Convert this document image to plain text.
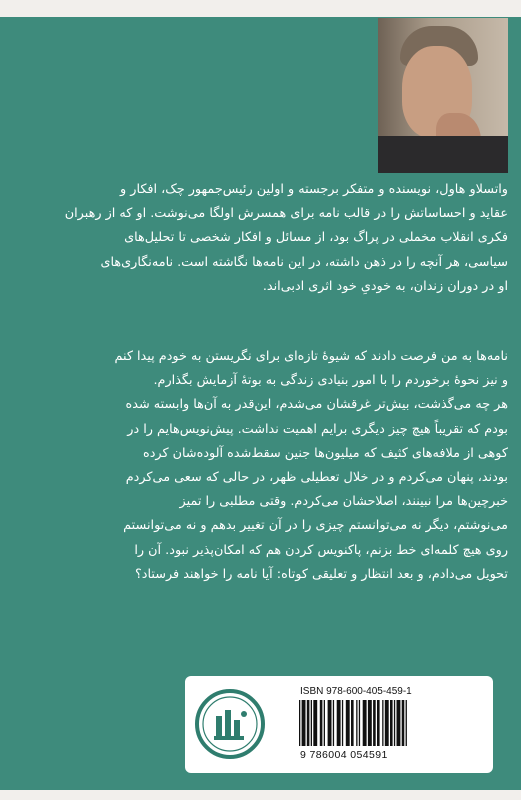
واتسلاو هاول، نویسنده و متفکر برجسته و اولین رئیس‌جمهور چک، افکار و
عقاید و احساساتش را در قالب نامه برای همسرش اولگا می‌نوشت. او که از رهبران
فکری انقلاب مخملی در پراگ بود، از مسائل و افکار شخصی تا تحلیل‌های
سیاسی، هر آنچه را در ذهن داشته، در این نامه‌ها نگاشته است. نامه‌نگاری‌های
او در دوران زندان، به خودیِ خود اثری ادبی‌اند.
نامه‌ها به من فرصت دادند که شیوهٔ تازه‌ای برای نگریستن به خودم پیدا کنم
و نیز نحوهٔ برخوردم را با امور بنیادی زندگی به بوتهٔ آزمایش بگذارم.
هر چه می‌گذشت، بیش‌تر غرقشان می‌شدم، این‌قدر به آن‌ها وابسته شده
بودم که تقریباً هیچ چیز دیگری برایم اهمیت نداشت. پیش‌نویس‌هایم را در
کوهی از ملافه‌های کثیف که میلیون‌ها جنین سقط‌شده آلوده‌شان کرده
بودند، پنهان می‌کردم و در خلال تعطیلی ظهر، در حالی که سعی می‌کردم
خبرچین‌ها مرا نبینند، اصلاحشان می‌کردم. وقتی مطلبی را تمیز
می‌نوشتم، دیگر نه می‌توانستم چیزی را در آن تغییر بدهم و نه می‌توانستم
روی هیچ کلمه‌ای خط بزنم، پاکنویس کردن هم که امکان‌پذیر نبود. آن را
تحویل می‌دادم، و بعد انتظار و تعلیقی کوتاه: آیا نامه را خواهند فرستاد؟
ISBN 978-600-405-459-1
9 786004 054591
